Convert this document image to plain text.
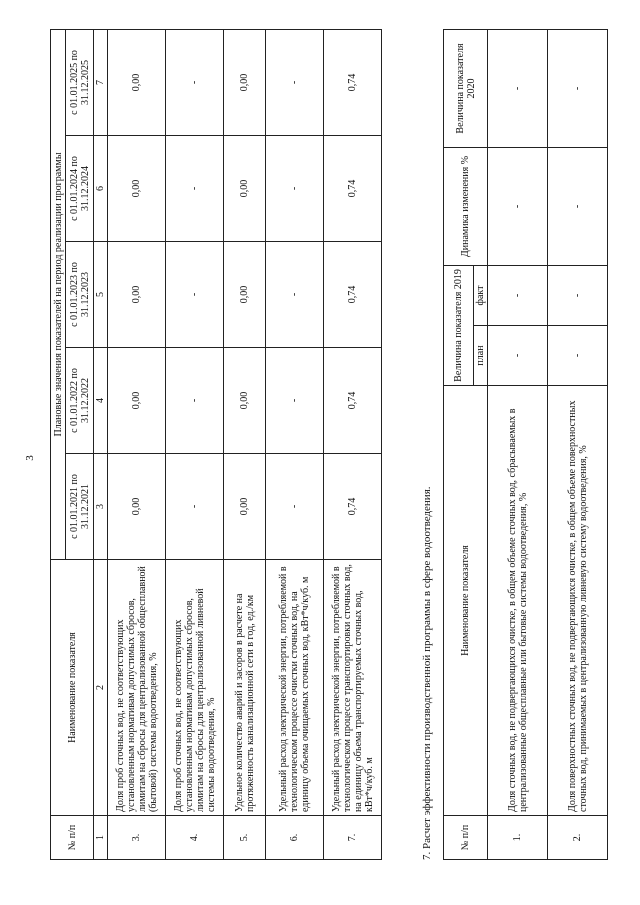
3
№ п/п	Наименование показателя	Плановые значения показателей на период реализации программы				
		с 01.01.2021 по 31.12.2021	с 01.01.2022 по 31.12.2022	с 01.01.2023 по 31.12.2023	с 01.01.2024 по 31.12.2024	с 01.01.2025 по 31.12.2025
1	2	3	4	5	6	7
3.	Доля проб сточных вод, не соответствующих установленным нормативам допустимых сбросов, лимитам на сбросы для централизованной общесплавной (бытовой) системы водоотведения, %	0,00	0,00	0,00	0,00	0,00
4.	Доля проб сточных вод, не соответствующих установленным нормативам допустимых сбросов, лимитам на сбросы для централизованной ливневой системы водоотведения, %	-	-	-	-	-
5.	Удельное количество аварий и засоров в расчете на протяженность канализационной сети в год, ед./км	0,00	0,00	0,00	0,00	0,00
6.	Удельный расход электрической энергии, потребляемой в технологическом процессе очистки сточных вод, на единицу объема очищаемых сточных вод, кВт*ч/куб. м	-	-	-	-	-
7.	Удельный расход электрической энергии, потребляемой в технологическом процессе транспортировки сточных вод, на единицу объема транспортируемых сточных вод, кВт*ч/куб. м	0,74	0,74	0,74	0,74	0,74
7. Расчет эффективности производственной программы в сфере водоотведения.	№ п/п	Наименование показателя	Величина показателя 2019		Динамика изменения %	Величина показателя 2020
		план	факт		
1.	Доля сточных вод, не подвергающихся очистке, в общем объеме сточных вод, сбрасываемых в централизованные общесплавные или бытовые системы водоотведения, %	-	-	-	-
2.	Доля поверхностных сточных вод, не подвергающихся очистке, в общем объеме поверхностных сточных вод, принимаемых в централизованную ливневую систему водоотведения, %	-	-	-	-
